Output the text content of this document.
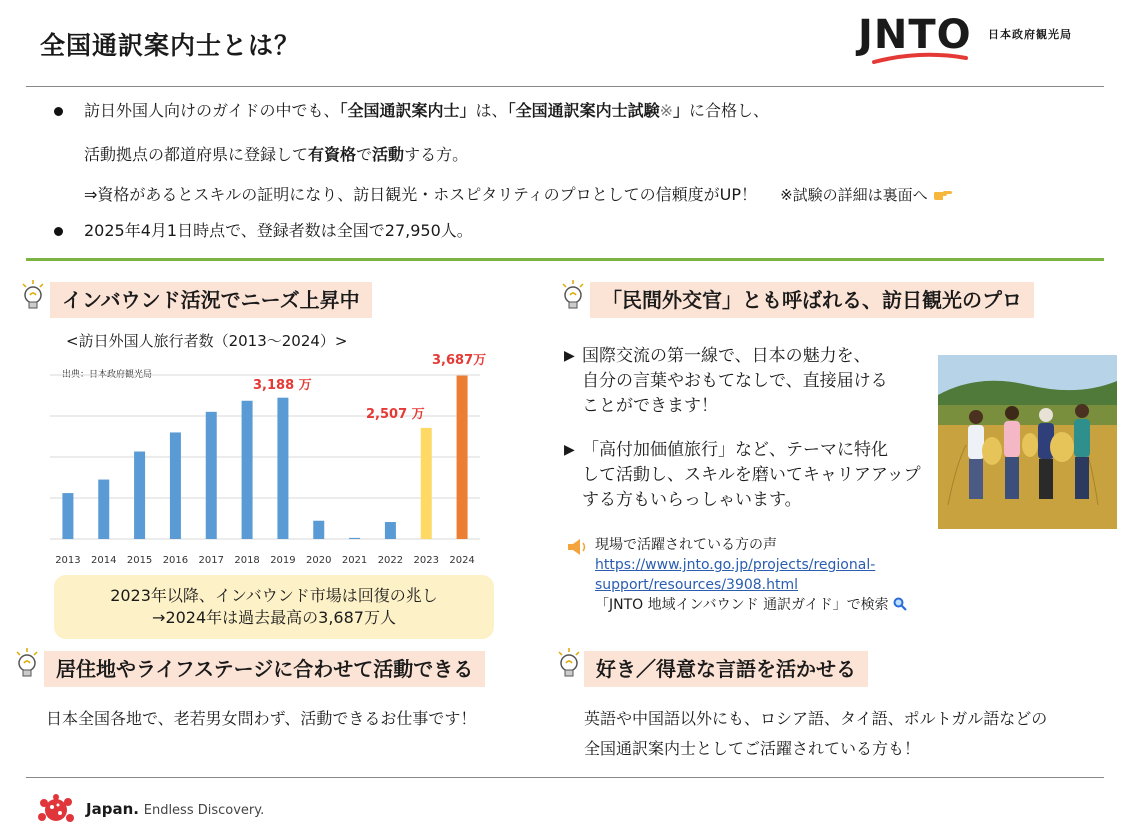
全国通訳案内士とは？	JNTO 日本政府観光局
訪日外国人向けのガイドの中でも、「全国通訳案内士」は、「全国通訳案内士試験※」に合格し、
活動拠点の都道府県に登録して有資格で活動する方。
⇒資格があるとスキルの証明になり、訪日観光・ホスピタリティのプロとしての信頼度がUP！ ※試験の詳細は裏面へ
2025年4月1日時点で、登録者数は全国で27,950人。
インバウンド活況でニーズ上昇中
<訪日外国人旅行者数（2013～2024）>
出典：日本政府観光局
2013 2014 2015 2016 2017 2018 2019 2020 2021 2022 2023 2024
3,188 万
2,507 万
3,687万
2023年以降、インバウンド市場は回復の兆し
→2024年は過去最高の3,687万人
「民間外交官」とも呼ばれる、訪日観光のプロ
▶ 国際交流の第一線で、日本の魅力を、
自分の言葉やおもてなしで、直接届ける
ことができます！
▶ 「高付加価値旅行」など、テーマに特化
して活動し、スキルを磨いてキャリアアップ
する方もいらっしゃいます。
現場で活躍されている方の声
https://www.jnto.go.jp/projects/regional-
support/resources/3908.html
「JNTO 地域インバウンド 通訳ガイド」で検索
居住地やライフステージに合わせて活動できる
日本全国各地で、老若男女問わず、活動できるお仕事です！
好き／得意な言語を活かせる
英語や中国語以外にも、ロシア語、タイ語、ポルトガル語などの
全国通訳案内士としてご活躍されている方も！
Japan. Endless Discovery.
